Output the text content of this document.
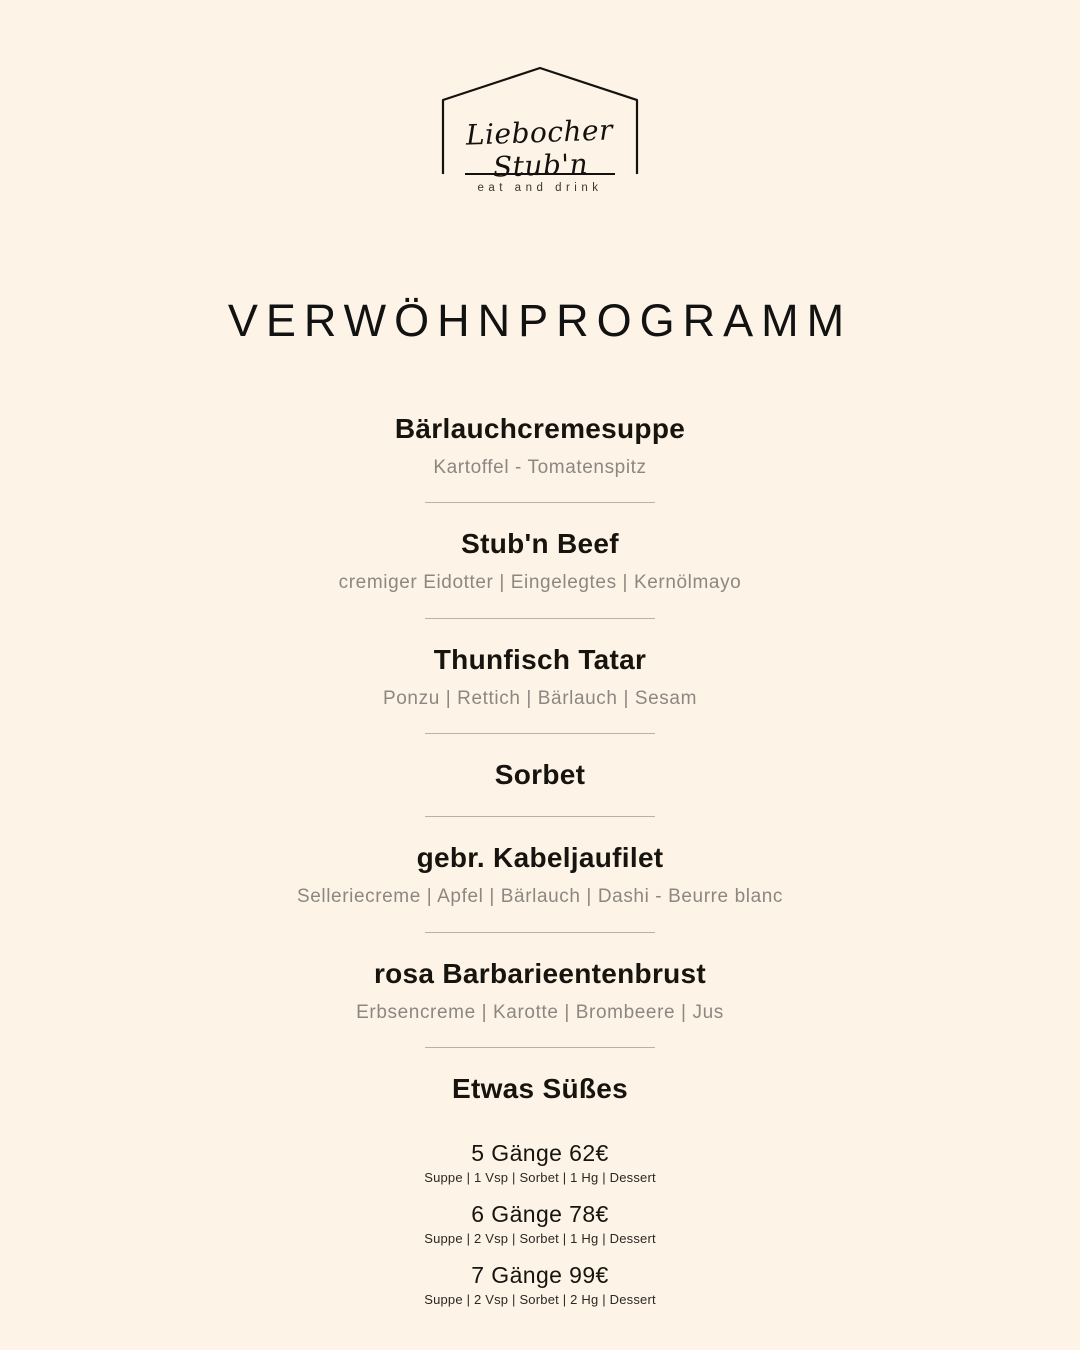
Liebocher Stub'n
eat and drink
VERWÖHNPROGRAMM
Bärlauchcremesuppe
Kartoffel - Tomatenspitz
Stub'n Beef
cremiger Eidotter | Eingelegtes | Kernölmayo
Thunfisch Tatar
Ponzu | Rettich | Bärlauch | Sesam
Sorbet
gebr. Kabeljaufilet
Selleriecreme | Apfel | Bärlauch | Dashi - Beurre blanc
rosa Barbarieentenbrust
Erbsencreme | Karotte | Brombeere | Jus
Etwas Süßes
5 Gänge 62€
Suppe | 1 Vsp | Sorbet | 1 Hg | Dessert
6 Gänge 78€
Suppe | 2 Vsp | Sorbet | 1 Hg | Dessert
7 Gänge 99€
Suppe | 2 Vsp | Sorbet | 2 Hg | Dessert
